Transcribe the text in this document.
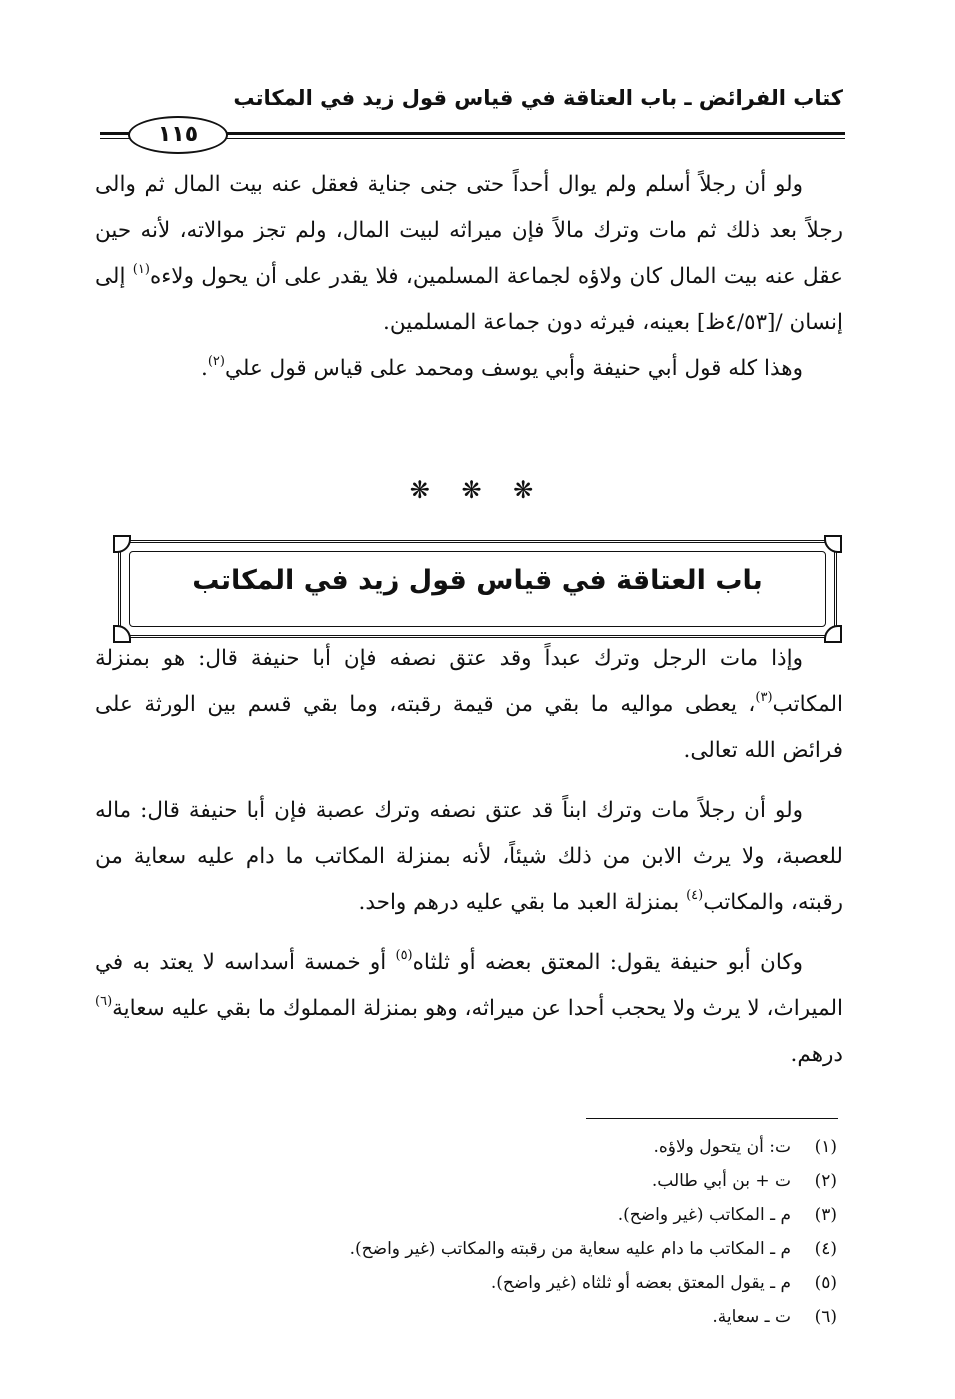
كتاب الفرائض ـ باب العتاقة في قياس قول زيد في المكاتب
١١٥

ولو أن رجلاً أسلم ولم يوال أحداً حتى جنى جناية فعقل عنه بيت المال ثم والى رجلاً بعد ذلك ثم مات وترك مالاً فإن ميراثه لبيت المال، ولم تجز موالاته، لأنه حين عقل عنه بيت المال كان ولاؤه لجماعة المسلمين، فلا يقدر على أن يحول ولاءه$^{(١)}$ إلى إنسان /[٤/٥٣ظ] بعينه، فيرثه دون جماعة المسلمين.

وهذا كله قول أبي حنيفة وأبي يوسف ومحمد على قياس قول علي$^{(٢)}$.

❋ ❋ ❋
باب العتاقة في قياس قول زيد في المكاتب

وإذا مات الرجل وترك عبداً وقد عتق نصفه فإن أبا حنيفة قال: هو بمنزلة المكاتب$^{(٣)}$، يعطى مواليه ما بقي من قيمة رقبته، وما بقي قسم بين الورثة على فرائض الله تعالى.

ولو أن رجلاً مات وترك ابناً قد عتق نصفه وترك عصبة فإن أبا حنيفة قال: ماله للعصبة، ولا يرث الابن من ذلك شيئاً، لأنه بمنزلة المكاتب ما دام عليه سعاية من رقبته، والمكاتب$^{(٤)}$ بمنزلة العبد ما بقي عليه درهم واحد.

وكان أبو حنيفة يقول: المعتق بعضه أو ثلثاه$^{(٥)}$ أو خمسة أسداسه لا يعتد به في الميراث، لا يرث ولا يحجب أحدا عن ميراثه، وهو بمنزلة المملوك ما بقي عليه سعاية$^{(٦)}$ درهم.

(١)ت: أن يتحول ولاؤه.
(٢)ت + بن أبي طالب.
(٣)م ـ المكاتب (غير واضح).
(٤)م ـ المكاتب ما دام عليه سعاية من رقبته والمكاتب (غير واضح).
(٥)م ـ يقول المعتق بعضه أو ثلثاه (غير واضح).
(٦)ت ـ سعاية.
